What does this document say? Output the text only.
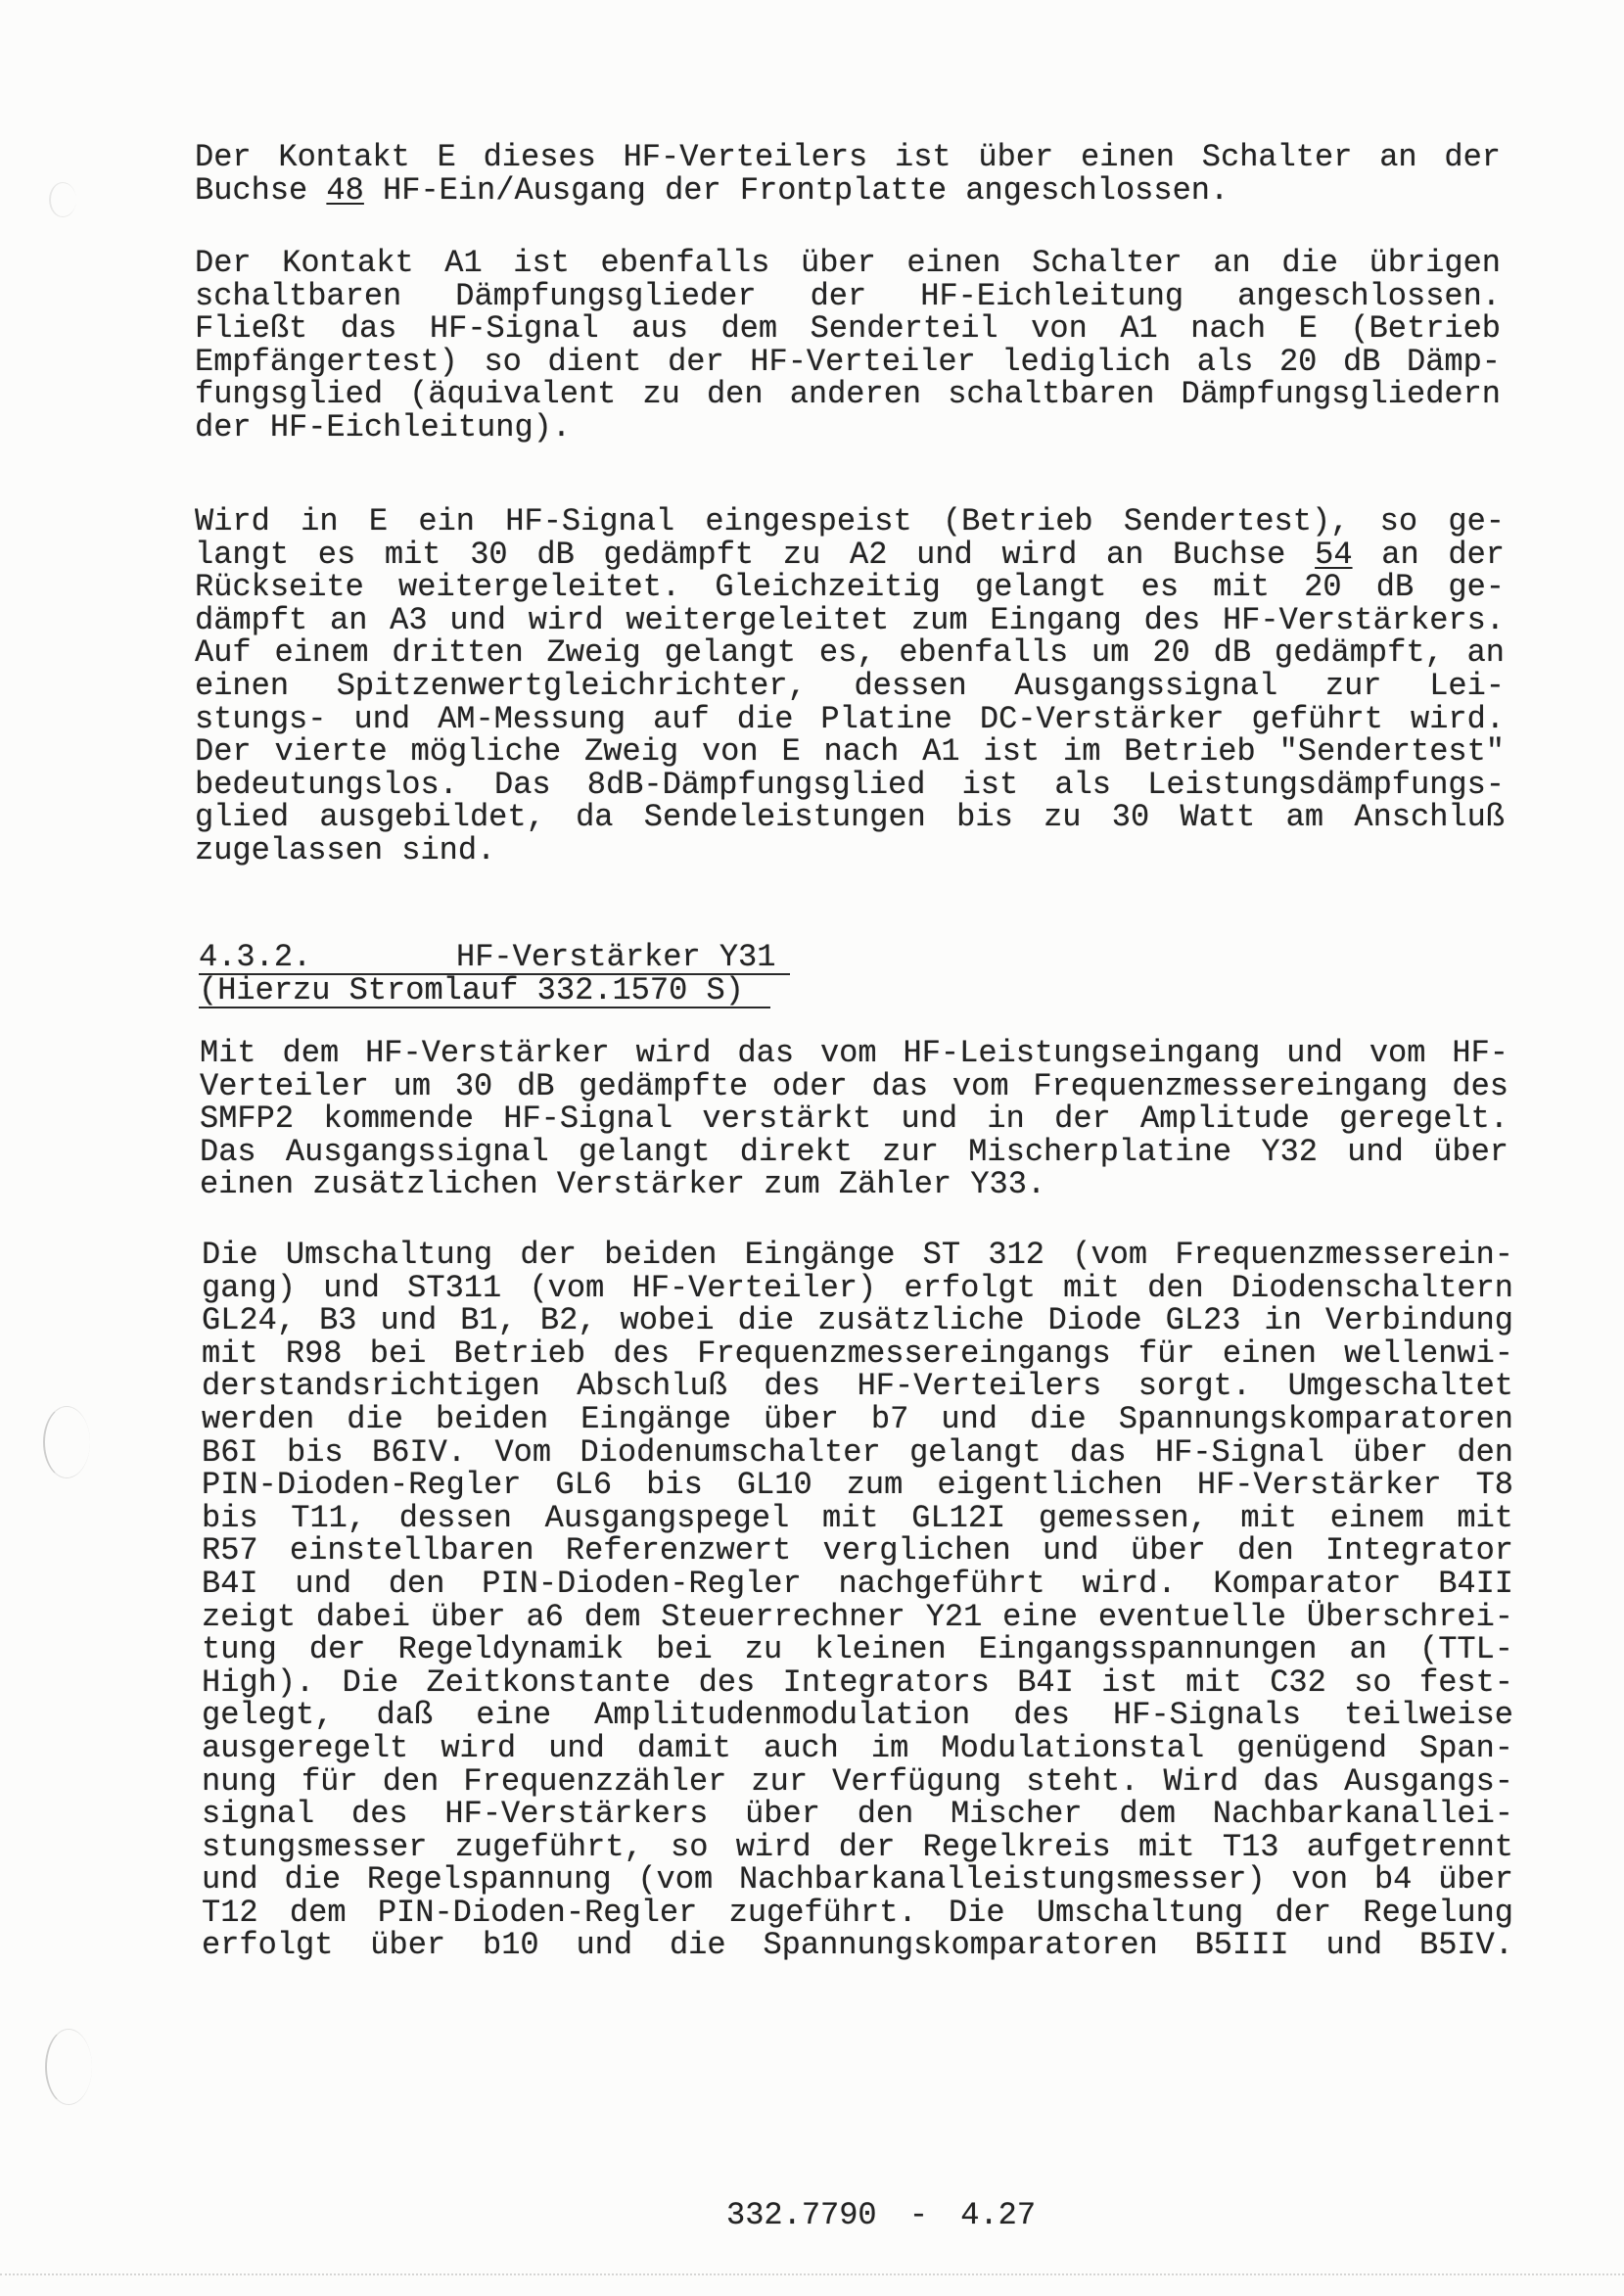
Der Kontakt E dieses HF-Verteilers ist über einen Schalter an der
Buchse 48 HF-Ein/Ausgang der Frontplatte angeschlossen.
Der Kontakt A1 ist ebenfalls über einen Schalter an die übrigen
schaltbaren Dämpfungsglieder der HF-Eichleitung angeschlossen.
Fließt das HF-Signal aus dem Senderteil von A1 nach E (Betrieb
Empfängertest) so dient der HF-Verteiler lediglich als 20 dB Dämp-
fungsglied (äquivalent zu den anderen schaltbaren Dämpfungsgliedern
der HF-Eichleitung).
Wird in E ein HF-Signal eingespeist (Betrieb Sendertest), so ge-
langt es mit 30 dB gedämpft zu A2 und wird an Buchse 54 an der
Rückseite weitergeleitet. Gleichzeitig gelangt es mit 20 dB ge-
dämpft an A3 und wird weitergeleitet zum Eingang des HF-Verstärkers.
Auf einem dritten Zweig gelangt es, ebenfalls um 20 dB gedämpft, an
einen Spitzenwertgleichrichter, dessen Ausgangssignal zur Lei-
stungs- und AM-Messung auf die Platine DC-Verstärker geführt wird.
Der vierte mögliche Zweig von E nach A1 ist im Betrieb "Sendertest"
bedeutungslos. Das 8dB-Dämpfungsglied ist als Leistungsdämpfungs-
glied ausgebildet, da Sendeleistungen bis zu 30 Watt am Anschluß
zugelassen sind.
4.3.2.	HF-Verstärker Y31
(Hierzu Stromlauf 332.1570 S)
Mit dem HF-Verstärker wird das vom HF-Leistungseingang und vom HF-
Verteiler um 30 dB gedämpfte oder das vom Frequenzmessereingang des
SMFP2 kommende HF-Signal verstärkt und in der Amplitude geregelt.
Das Ausgangssignal gelangt direkt zur Mischerplatine Y32 und über
einen zusätzlichen Verstärker zum Zähler Y33.
Die Umschaltung der beiden Eingänge ST 312 (vom Frequenzmesserein-
gang) und ST311 (vom HF-Verteiler) erfolgt mit den Diodenschaltern
GL24, B3 und B1, B2, wobei die zusätzliche Diode GL23 in Verbindung
mit R98 bei Betrieb des Frequenzmessereingangs für einen wellenwi-
derstandsrichtigen Abschluß des HF-Verteilers sorgt. Umgeschaltet
werden die beiden Eingänge über b7 und die Spannungskomparatoren
B6I bis B6IV. Vom Diodenumschalter gelangt das HF-Signal über den
PIN-Dioden-Regler GL6 bis GL10 zum eigentlichen HF-Verstärker T8
bis T11, dessen Ausgangspegel mit GL12I gemessen, mit einem mit
R57 einstellbaren Referenzwert verglichen und über den Integrator
B4I und den PIN-Dioden-Regler nachgeführt wird. Komparator B4II
zeigt dabei über a6 dem Steuerrechner Y21 eine eventuelle Überschrei-
tung der Regeldynamik bei zu kleinen Eingangsspannungen an (TTL-
High). Die Zeitkonstante des Integrators B4I ist mit C32 so fest-
gelegt, daß eine Amplitudenmodulation des HF-Signals teilweise
ausgeregelt wird und damit auch im Modulationstal genügend Span-
nung für den Frequenzzähler zur Verfügung steht. Wird das Ausgangs-
signal des HF-Verstärkers über den Mischer dem Nachbarkanallei-
stungsmesser zugeführt, so wird der Regelkreis mit T13 aufgetrennt
und die Regelspannung (vom Nachbarkanalleistungsmesser) von b4 über
T12 dem PIN-Dioden-Regler zugeführt. Die Umschaltung der Regelung
erfolgt über b10 und die Spannungskomparatoren B5III und B5IV.
332.7790 - 4.27
